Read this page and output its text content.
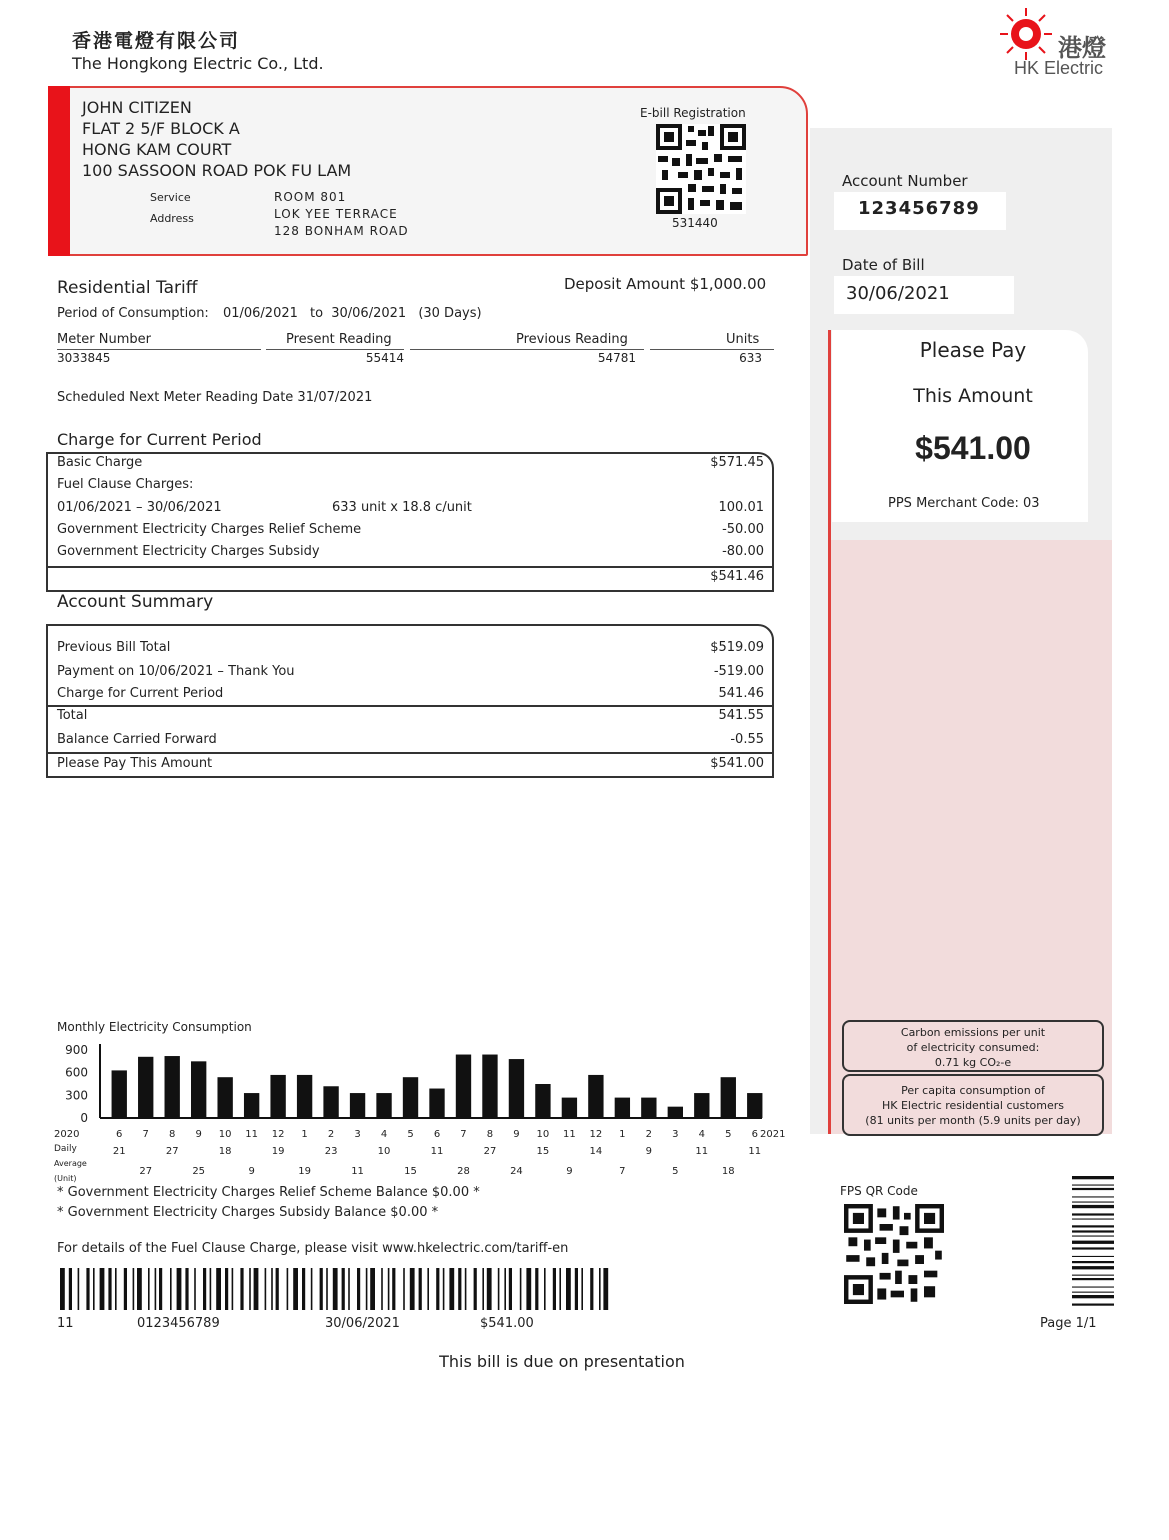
香港電燈有限公司
The Hongkong Electric Co., Ltd.
港燈
HK Electric
JOHN CITIZEN
FLAT 2 5/F BLOCK A
HONG KAM COURT
100 SASSOON ROAD POK FU LAM
Service
Address
ROOM 801
LOK YEE TERRACE
128 BONHAM ROAD
E-bill Registration
531440
Account Number
123456789
Date of Bill
30/06/2021
Please Pay
This Amount
$541.00
PPS Merchant Code: 03
Carbon emissions per unit
of electricity consumed:
0.71 kg CO₂-e
Per capita consumption of
HK Electric residential customers
(81 units per month (5.9 units per day)
Residential Tariff	Deposit Amount $1,000.00
Period of Consumption: 01/06/2021 to 30/06/2021 (30 Days)
Meter Number	Present Reading	Previous Reading	Units
3033845	55414	54781	633
Scheduled Next Meter Reading Date 31/07/2021
Charge for Current Period
Basic Charge	$571.45
Fuel Clause Charges:
01/06/2021 – 30/06/2021	633 unit x 18.8 c/unit	100.01
Government Electricity Charges Relief Scheme	-50.00
Government Electricity Charges Subsidy	-80.00
$541.46
Account Summary
Previous Bill Total	$519.09
Payment on 10/06/2021 – Thank You	-519.00
Charge for Current Period	541.46
Total	541.55
Balance Carried Forward	-0.55
Please Pay This Amount	$541.00
Monthly Electricity Consumption
900
600
300
0
6
21
7
27
8
27
9
25
10
18
11
9
12
19
1
19
2
23
3
11
4
10
5
15
6
11
7
28
8
27
9
24
10
15
11
9
12
14
1
7
2
9
3
5
4
11
5
18
6
11
2020	2021
Daily
Average
(Unit)
* Government Electricity Charges Relief Scheme Balance $0.00 *
* Government Electricity Charges Subsidy Balance $0.00 *
For details of the Fuel Clause Charge, please visit www.hkelectric.com/tariff-en
11	0123456789	30/06/2021	$541.00
FPS QR Code
Page 1/1
This bill is due on presentation
